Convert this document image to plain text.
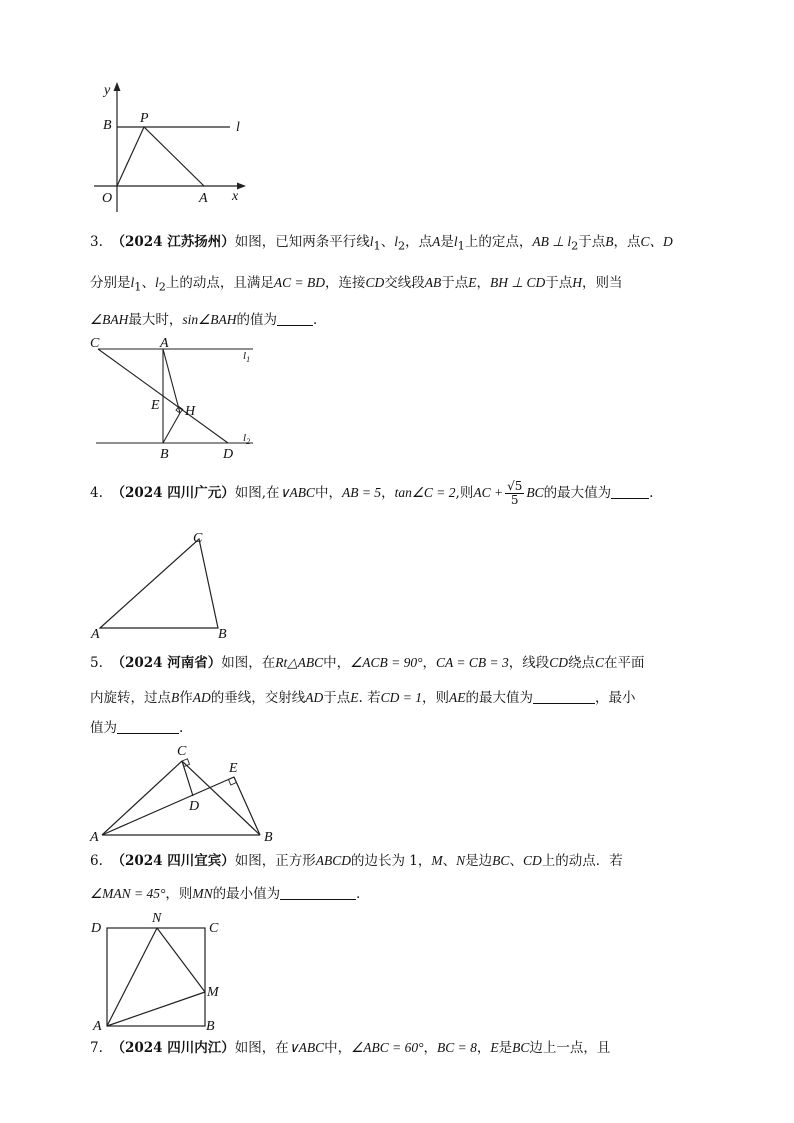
y
B P
l
O	A x
3. （2024 江苏扬州）如图，已知两条平行线$l_1$、$l_2$，点A是$l_1$上的定点，AB ⊥ $l_2$于点B，点C、D
分别是$l_1$、$l_2$上的动点，且满足AC = BD，连接CD交线段AB于点E，BH ⊥ CD于点H，则当
∠BAH最大时，sin∠BAH的值为	．
C	A
$l_1$
E H
$l_2$
B	D
4. （2024 四川广元）如图,在∨ABC中，AB = 5，tan∠C = 2,则AC + $\frac{√5}{5}$ BC的最大值为	.
C
A	B
5. （2024 河南省）如图，在Rt△ABC中，∠ACB = 90°，CA = CB = 3，线段CD绕点C在平面
内旋转，过点B作AD的垂线，交射线AD于点E. 若CD = 1，则AE的最大值为	，最小
值为	.
C
E
D
A	B
6. （2024 四川宜宾）如图，正方形ABCD的边长为 1，M、N是边BC、CD上的动点．若
∠MAN = 45°，则MN的最小值为	．
D
N
C
M
A	B
7. （2024 四川内江）如图，在∨ABC中，∠ABC = 60°，BC = 8，E是BC边上一点，且
